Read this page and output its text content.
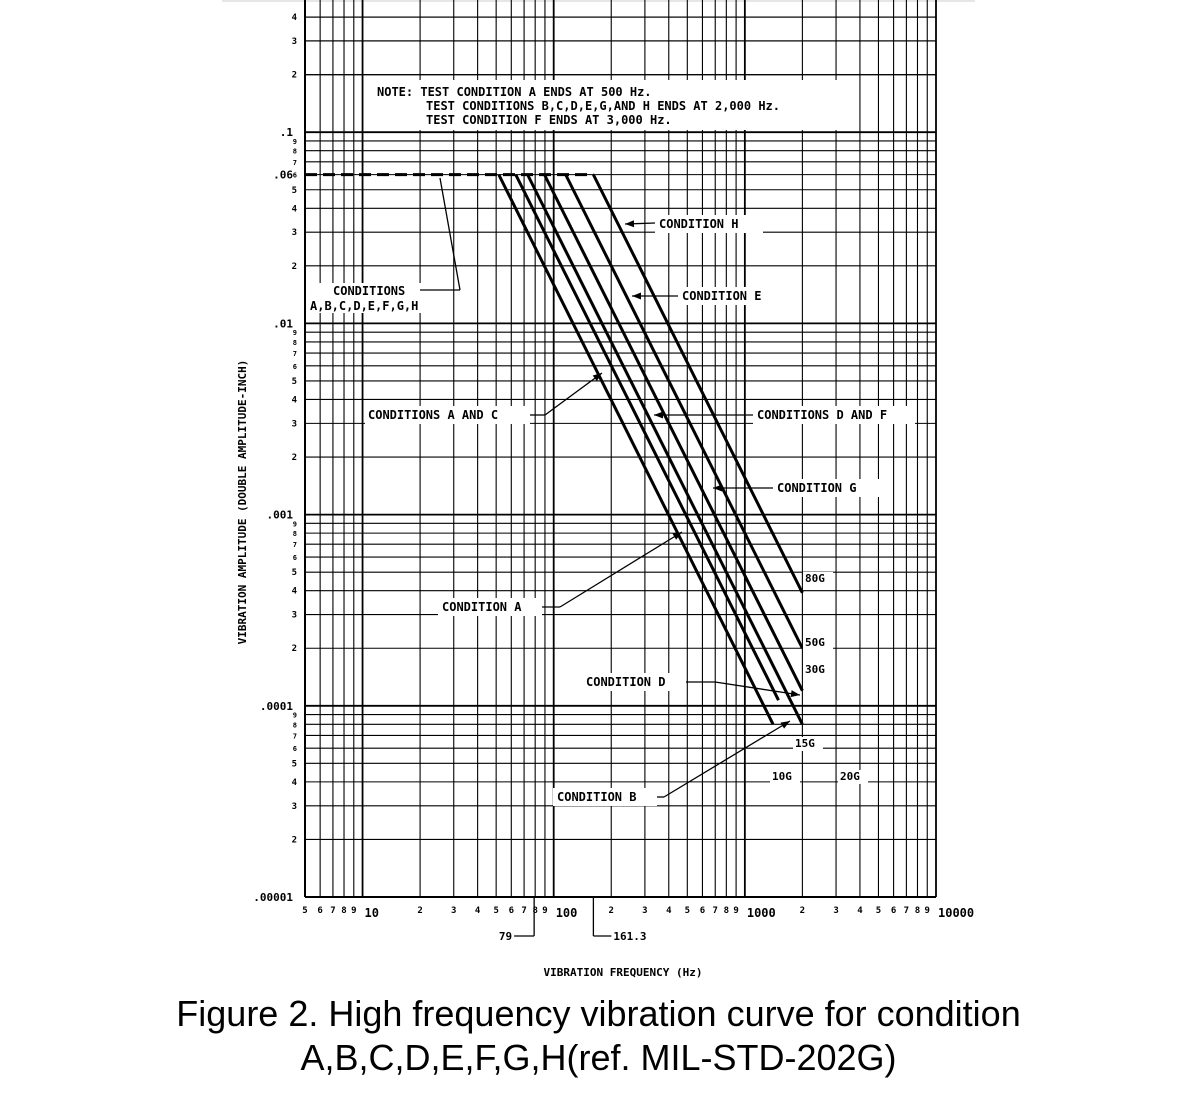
.00001
.0001
.001
.01
.1
2
3
4
5
6
7
8
9
2
3
4
5
6
7
8
9
2
3
4
5
6
7
8
9
2
3
4
5
6
7
8
9
2
3
4
.06
5 6 7 8 9 10	2	3 4 5 6 7 8 9 100	2	3 4 5 6 7 8 9 1000	2	3 4 5 6 7 8 9 10000
79	161.3
80G
50G
30G
15G
10G	20G
NOTE: TEST CONDITION A ENDS AT 500 Hz.
TEST CONDITIONS B,C,D,E,G,AND H ENDS AT 2,000 Hz.
TEST CONDITION F ENDS AT 3,000 Hz.
CONDITIONS
A,B,C,D,E,F,G,H
CONDITION H
CONDITION E
CONDITIONS A AND C	CONDITIONS D AND F
CONDITION G
CONDITION A
CONDITION D
CONDITION B
VIBRATION FREQUENCY (Hz)
VIBRATION AMPLITUDE (DOUBLE AMPLITUDE-INCH)
Figure 2. High frequency vibration curve for condition
A,B,C,D,E,F,G,H(ref. MIL-STD-202G)
